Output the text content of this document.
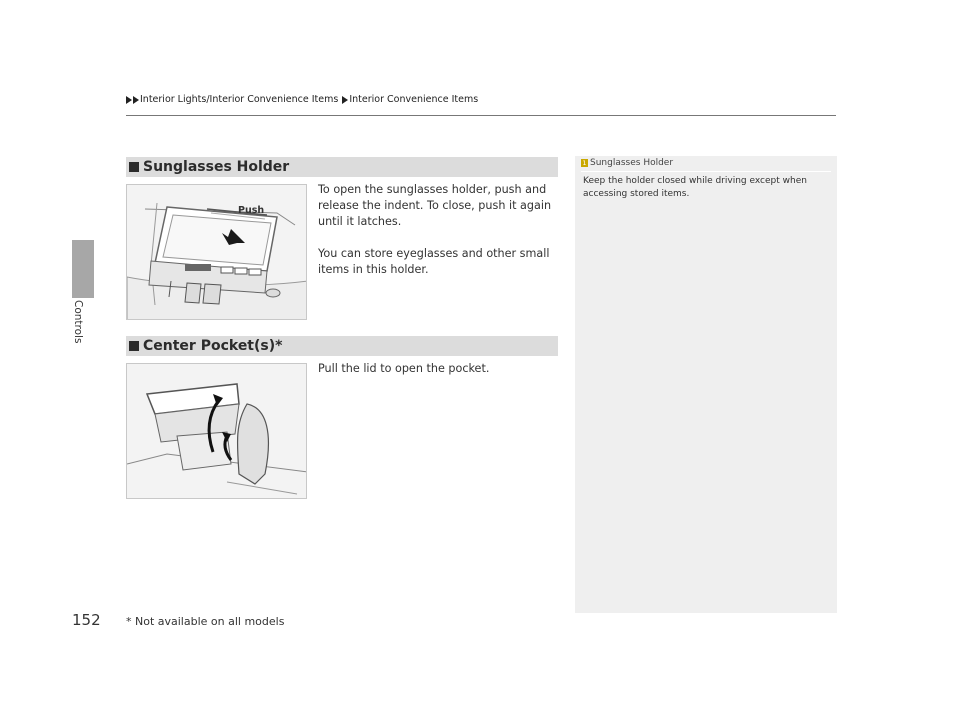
Interior Lights/Interior Convenience Items Interior Convenience Items
Controls
152
Sunglasses Holder
Push

To open the sunglasses holder, push and release the indent. To close, push it again until it latches.

You can store eyeglasses and other small items in this holder.

Center Pocket(s)*

Pull the lid to open the pocket.

1 Sunglasses Holder

Keep the holder closed while driving except when accessing stored items.

* Not available on all models
